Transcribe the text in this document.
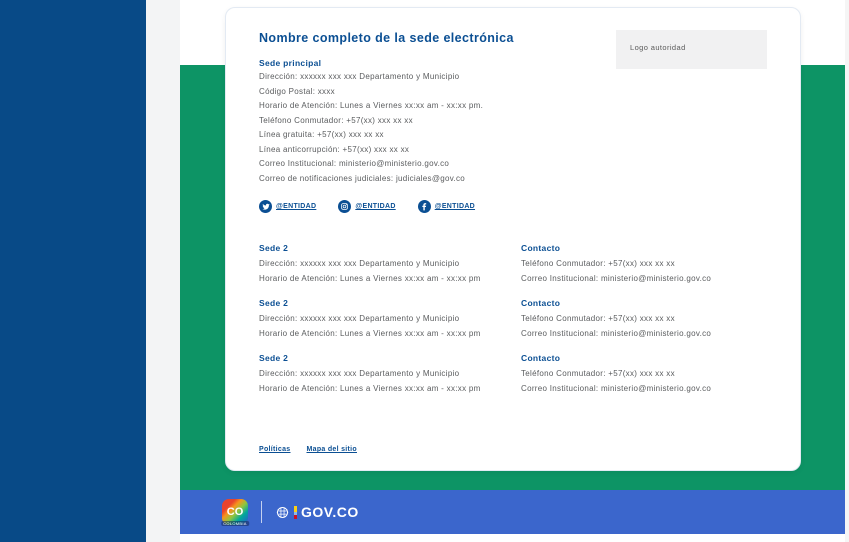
Nombre completo de la sede electrónica
Logo autoridad
Sede principal
Dirección: xxxxxx xxx xxx Departamento y Municipio
Código Postal: xxxx
Horario de Atención: Lunes a Viernes xx:xx am - xx:xx pm.
Teléfono Conmutador: +57(xx) xxx xx xx
Línea gratuita: +57(xx) xxx xx xx
Línea anticorrupción: +57(xx) xxx xx xx
Correo Institucional: ministerio@ministerio.gov.co
Correo de notificaciones judiciales: judiciales@gov.co
@ENTIDAD	@ENTIDAD	@ENTIDAD
Sede 2
Dirección: xxxxxx xxx xxx Departamento y Municipio
Horario de Atención: Lunes a Viernes xx:xx am - xx:xx pm
Contacto
Teléfono Conmutador: +57(xx) xxx xx xx
Correo Institucional: ministerio@ministerio.gov.co
Sede 2
Dirección: xxxxxx xxx xxx Departamento y Municipio
Horario de Atención: Lunes a Viernes xx:xx am - xx:xx pm
Contacto
Teléfono Conmutador: +57(xx) xxx xx xx
Correo Institucional: ministerio@ministerio.gov.co
Sede 2
Dirección: xxxxxx xxx xxx Departamento y Municipio
Horario de Atención: Lunes a Viernes xx:xx am - xx:xx pm
Contacto
Teléfono Conmutador: +57(xx) xxx xx xx
Correo Institucional: ministerio@ministerio.gov.co
Políticas Mapa del sitio
CO
COLOMBIA
GOV.CO
